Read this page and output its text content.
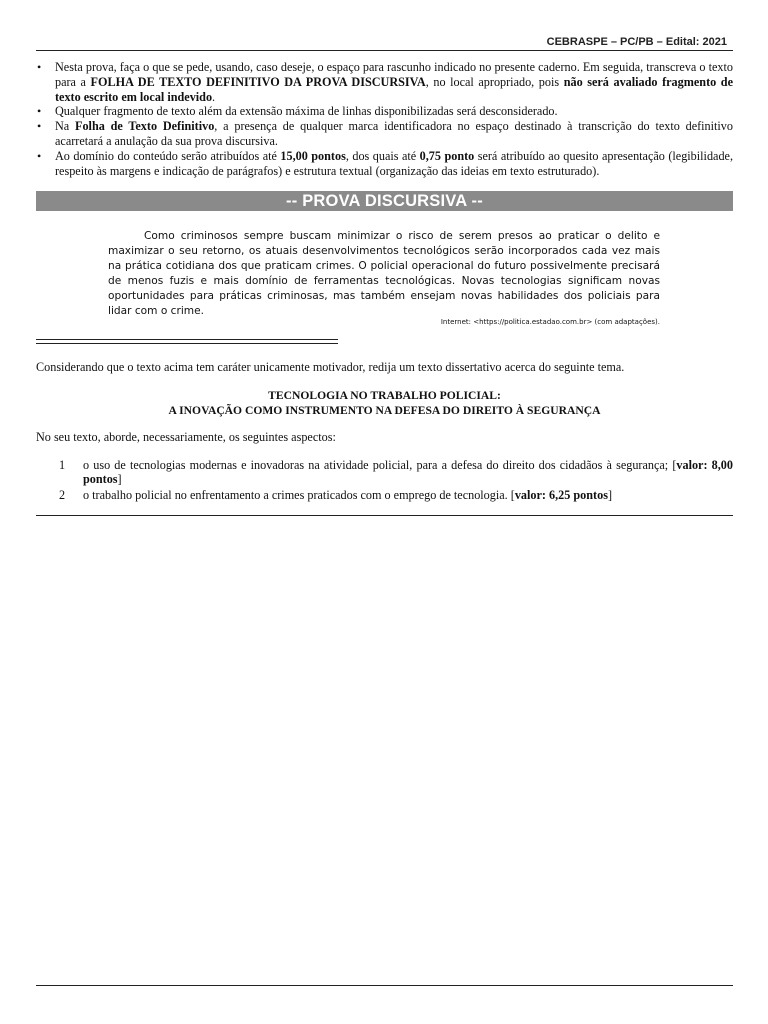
CEBRASPE – PC/PB – Edital: 2021
• Nesta prova, faça o que se pede, usando, caso deseje, o espaço para rascunho indicado no presente caderno. Em seguida, transcreva o texto para a FOLHA DE TEXTO DEFINITIVO DA PROVA DISCURSIVA, no local apropriado, pois não será avaliado fragmento de texto escrito em local indevido.
• Qualquer fragmento de texto além da extensão máxima de linhas disponibilizadas será desconsiderado.
• Na Folha de Texto Definitivo, a presença de qualquer marca identificadora no espaço destinado à transcrição do texto definitivo acarretará a anulação da sua prova discursiva.
• Ao domínio do conteúdo serão atribuídos até 15,00 pontos, dos quais até 0,75 ponto será atribuído ao quesito apresentação (legibilidade, respeito às margens e indicação de parágrafos) e estrutura textual (organização das ideias em texto estruturado).
-- PROVA DISCURSIVA --

Como criminosos sempre buscam minimizar o risco de serem presos ao praticar o delito e maximizar o seu retorno, os atuais desenvolvimentos tecnológicos serão incorporados cada vez mais na prática cotidiana dos que praticam crimes. O policial operacional do futuro possivelmente precisará de menos fuzis e mais domínio de ferramentas tecnológicas. Novas tecnologias significam novas oportunidades para práticas criminosas, mas também ensejam novas habilidades dos policiais para lidar com o crime.

Internet: <https://politica.estadao.com.br> (com adaptações).

Considerando que o texto acima tem caráter unicamente motivador, redija um texto dissertativo acerca do seguinte tema.

TECNOLOGIA NO TRABALHO POLICIAL:
A INOVAÇÃO COMO INSTRUMENTO NA DEFESA DO DIREITO À SEGURANÇA

No seu texto, aborde, necessariamente, os seguintes aspectos:

1 o uso de tecnologias modernas e inovadoras na atividade policial, para a defesa do direito dos cidadãos à segurança; [valor: 8,00 pontos]
2 o trabalho policial no enfrentamento a crimes praticados com o emprego de tecnologia. [valor: 6,25 pontos]
